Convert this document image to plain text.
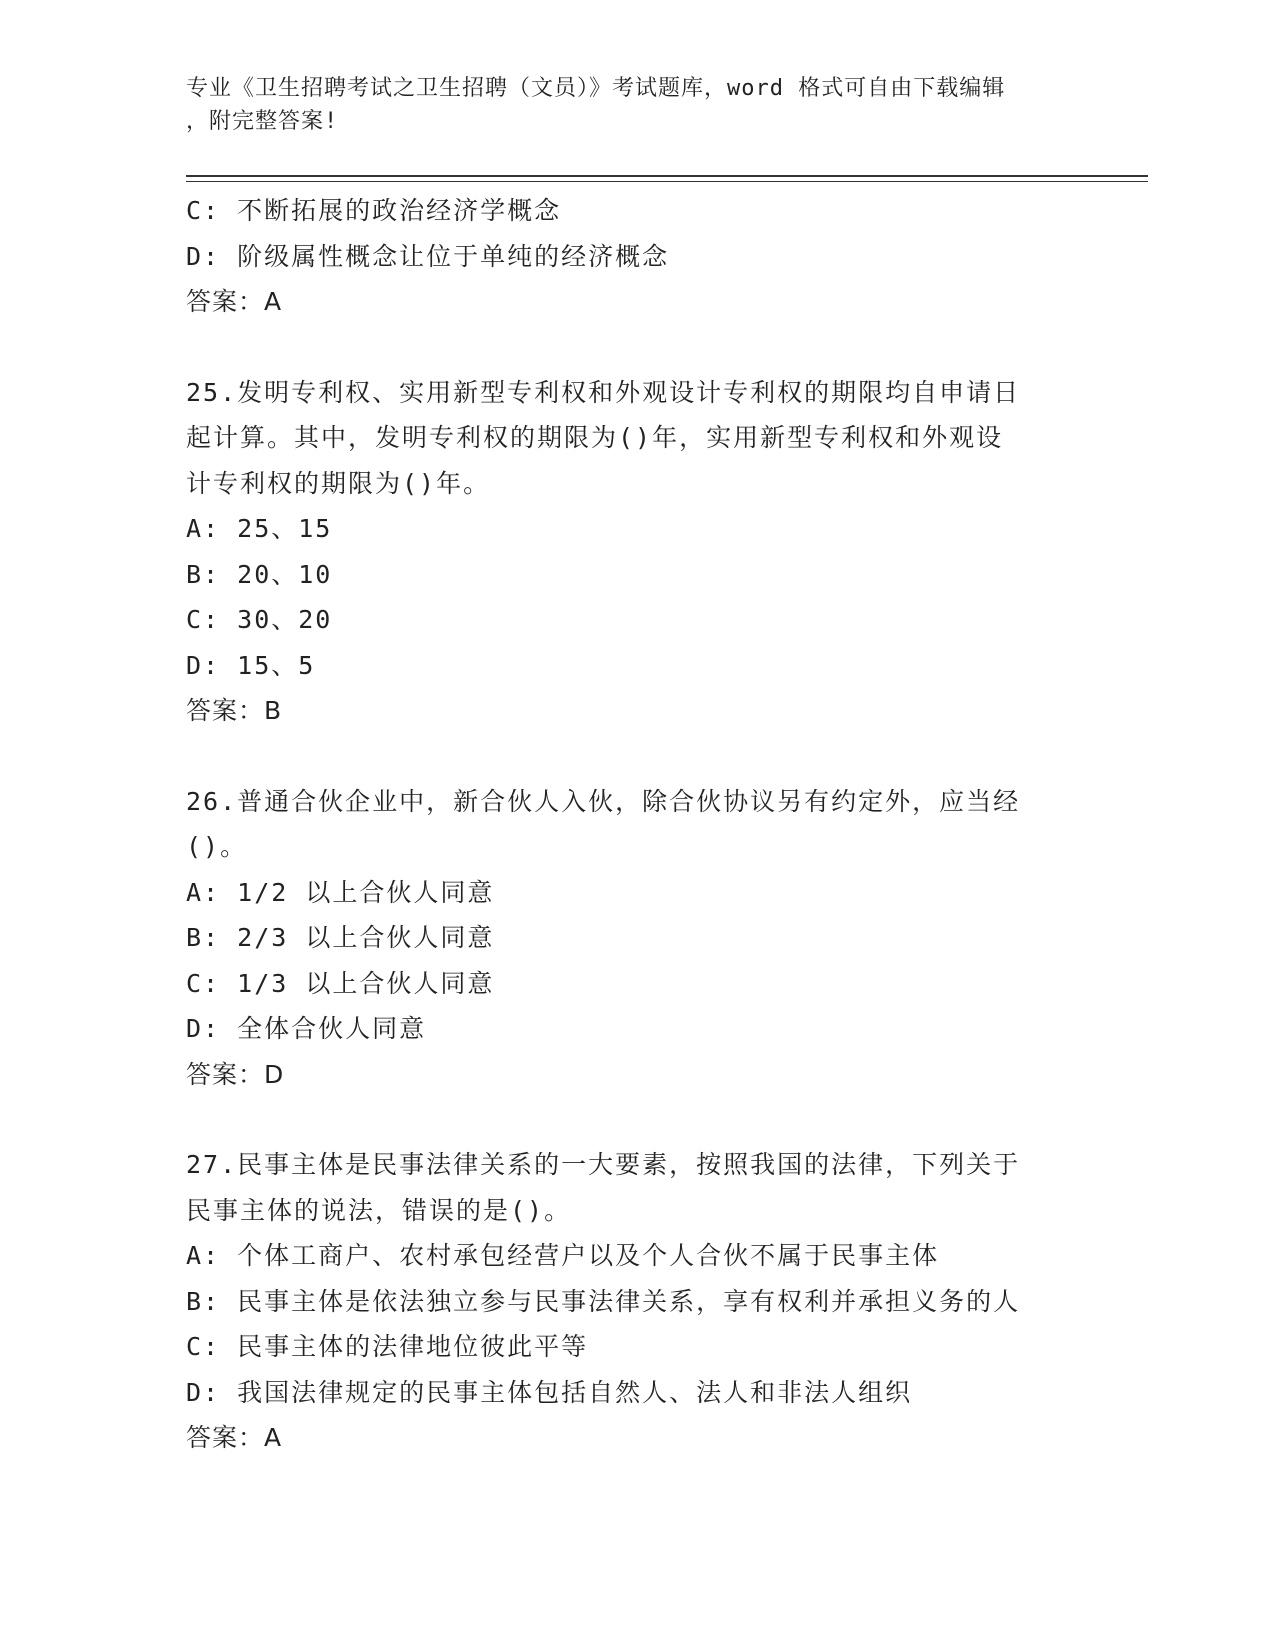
专业《卫生招聘考试之卫生招聘（文员）》考试题库，word 格式可自由下载编辑
，附完整答案!
C: 不断拓展的政治经济学概念
D: 阶级属性概念让位于单纯的经济概念
答案：A
25.发明专利权、实用新型专利权和外观设计专利权的期限均自申请日
起计算。其中，发明专利权的期限为()年，实用新型专利权和外观设
计专利权的期限为()年。
A: 25、15
B: 20、10
C: 30、20
D: 15、5
答案：B
26.普通合伙企业中，新合伙人入伙，除合伙协议另有约定外，应当经
()。
A: 1/2 以上合伙人同意
B: 2/3 以上合伙人同意
C: 1/3 以上合伙人同意
D: 全体合伙人同意
答案：D
27.民事主体是民事法律关系的一大要素，按照我国的法律，下列关于
民事主体的说法，错误的是()。
A: 个体工商户、农村承包经营户以及个人合伙不属于民事主体
B: 民事主体是依法独立参与民事法律关系，享有权利并承担义务的人
C: 民事主体的法律地位彼此平等
D: 我国法律规定的民事主体包括自然人、法人和非法人组织
答案：A
